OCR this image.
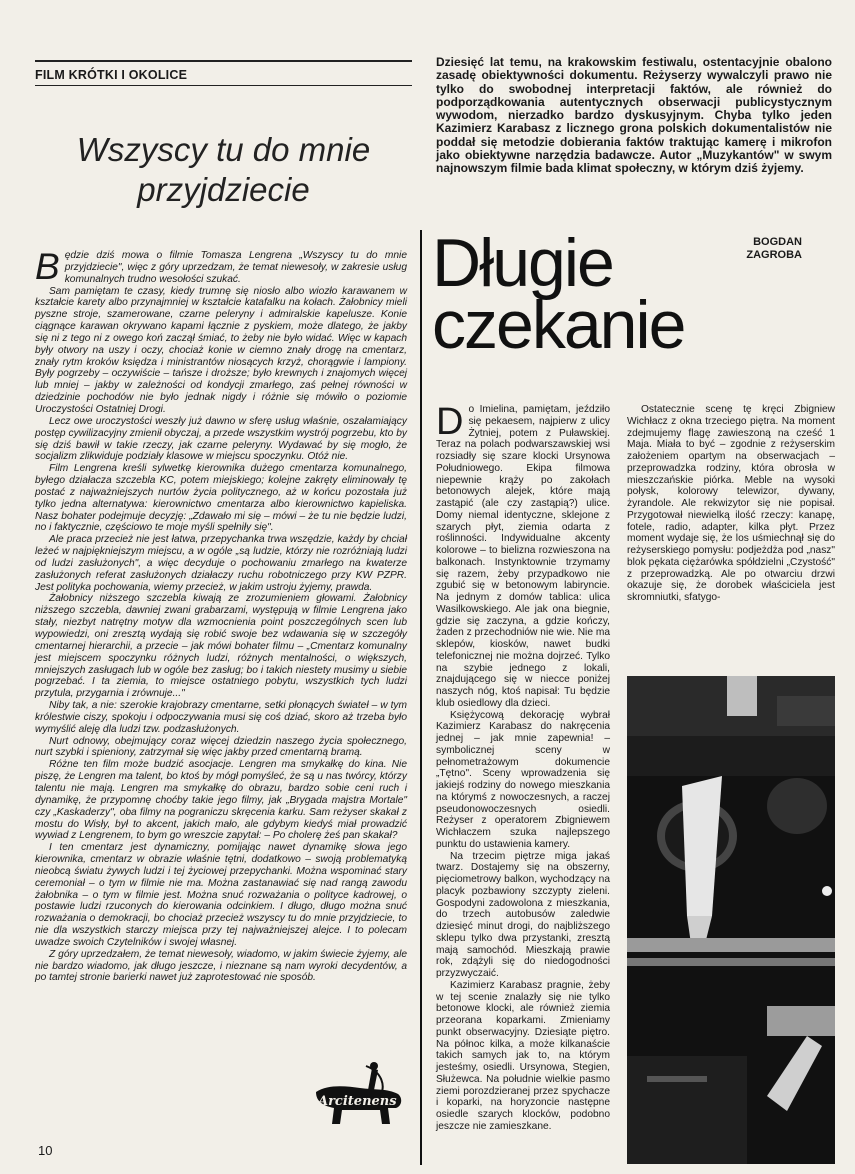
FILM KRÓTKI I OKOLICE
Wszyscy tu do mnie
przyjdziecie

Będzie dziś mowa o filmie Tomasza Lengrena „Wszyscy tu do mnie przyjdziecie", więc z góry uprzedzam, że temat niewesoły, w zakresie usług komunalnych trudno wesołości szukać.

Sam pamiętam te czasy, kiedy trumnę się niosło albo wiozło karawanem w kształcie karety albo przynajmniej w kształcie katafalku na kołach. Żałobnicy mieli pyszne stroje, szamerowane, czarne peleryny i admiralskie kapelusze. Konie ciągnące karawan okrywano kapami łącznie z pyskiem, może dlatego, że jakby się ni z tego ni z owego koń zaczął śmiać, to żeby nie było widać. Więc w kapach były otwory na uszy i oczy, chociaż konie w ciemno znały drogę na cmentarz, znały rytm kroków księdza i ministrantów niosących krzyż, chorągwie i lampiony. Były pogrzeby – oczywiście – tańsze i droższe; było krewnych i znajomych więcej lub mniej – jakby w zależności od kondycji zmarłego, zaś pełnej równości w dziedzinie pochodów nie było jednak nigdy i różnie się mówiło o poziomie Uroczystości Ostatniej Drogi.

Lecz owe uroczystości weszły już dawno w sferę usług właśnie, oszałamiający postęp cywilizacyjny zmienił obyczaj, a przede wszystkim wystrój pogrzebu, kto by się dziś bawił w takie rzeczy, jak czarne peleryny. Wydawać by się mogło, że socjalizm zlikwiduje podziały klasowe w miejscu spoczynku. Otóż nie.

Film Lengrena kreśli sylwetkę kierownika dużego cmentarza komunalnego, byłego działacza szczebla KC, potem miejskiego; kolejne zakręty eliminowały tę postać z najważniejszych nurtów życia politycznego, aż w końcu pozostała już tylko jedna alternatywa: kierownictwo cmentarza albo kierownictwo kapieliska. Nasz bohater podejmuje decyzję: „Zdawało mi się – mówi – że tu nie będzie ludzi, no i faktycznie, częściowo te moje myśli spełniły się".

Ale praca przecież nie jest łatwa, przepychanka trwa wszędzie, każdy by chciał leżeć w najpiękniejszym miejscu, a w ogóle „są ludzie, którzy nie rozróżniają ludzi od ludzi zasłużonych", a więc decyduje o pochowaniu zmarłego na kwaterze zasłużonych referat zasłużonych działaczy ruchu robotniczego przy KW PZPR. Jest polityka pochowania, wiemy przecież, w jakim ustroju żyjemy, prawda.

Żałobnicy niższego szczebla kiwają ze zrozumieniem głowami. Żałobnicy niższego szczebla, dawniej zwani grabarzami, występują w filmie Lengrena jako stały, niezbyt natrętny motyw dla wzmocnienia point poszczególnych scen lub wypowiedzi, oni zresztą wydają się robić swoje bez wdawania się w szczegóły cmentarnej hierarchii, a przecie – jak mówi bohater filmu – „Cmentarz komunalny jest miejscem spoczynku różnych ludzi, różnych mentalności, o większych, mniejszych zasługach lub w ogóle bez zasług; bo i takich niestety musimy u siebie pogrzebać. I ta ziemia, to miejsce ostatniego pobytu, wszystkich tych ludzi przytula, przygarnia i zrównuje..."

Niby tak, a nie: szerokie krajobrazy cmentarne, setki płonących świateł – w tym królestwie ciszy, spokoju i odpoczywania musi się coś dziać, skoro aż trzeba było wymyślić aleję dla ludzi tzw. podzasłużonych.

Nurt odnowy, obejmujący coraz więcej dziedzin naszego życia społecznego, nurt szybki i spieniony, zatrzymał się więc jakby przed cmentarną bramą.

Różne ten film może budzić asocjacje. Lengren ma smykałkę do kina. Nie piszę, że Lengren ma talent, bo ktoś by mógł pomyśleć, że są u nas twórcy, którzy talentu nie mają. Lengren ma smykałkę do obrazu, bardzo sobie ceni ruch i dynamikę, że przypomnę choćby takie jego filmy, jak „Brygada majstra Mortale" czy „Kaskaderzy", oba filmy na pograniczu skręcenia karku. Sam reżyser skakał z mostu do Wisły, był to akcent, jakich mało, ale gdybym kiedyś miał prowadzić wywiad z Lengrenem, to bym go wreszcie zapytał: – Po cholerę żeś pan skakał?

I ten cmentarz jest dynamiczny, pomijając nawet dynamikę słowa jego kierownika, cmentarz w obrazie właśnie tętni, dodatkowo – swoją problematyką nieobcą światu żywych ludzi i tej życiowej przepychanki. Można wspominać stary ceremoniał – o tym w filmie nie ma. Można zastanawiać się nad rangą zawodu żałobnika – o tym w filmie jest. Można snuć rozważania o polityce kadrowej, o postawie ludzi rzuconych do kierowania odcinkiem. I długo, długo można snuć rozważania o demokracji, bo chociaż przecież wszyscy tu do mnie przyjdziecie, to nie dla wszystkich starczy miejsca przy tej najważniejszej alejce. I to polecam uwadze swoich Czytelników i swojej własnej.

Z góry uprzedzałem, że temat niewesoły, wiadomo, w jakim świecie żyjemy, ale nie bardzo wiadomo, jak długo jeszcze, i nieznane są nam wyroki decydentów, a po tamtej stronie barierki nawet już zaprotestować nie sposób.

Dziesięć lat temu, na krakowskim festiwalu, ostentacyjnie obalono zasadę obiektywności dokumentu. Reżyserzy wywalczyli prawo nie tylko do swobodnej interpretacji faktów, ale również do podporządkowania autentycznych obserwacji publicystycznym wywodom, nierzadko bardzo dyskusyjnym. Chyba tylko jeden Kazimierz Karabasz z licznego grona polskich dokumentalistów nie poddał się metodzie dobierania faktów traktując kamerę i mikrofon jako obiektywne narzędzia badawcze. Autor „Muzykantów" w swym najnowszym filmie bada klimat społeczny, w którym dziś żyjemy.
BOGDAN
ZAGROBA
Długie
czekanie

Do Imielina, pamiętam, jeździło się pekaesem, najpierw z ulicy Żytniej, potem z Puławskiej. Teraz na polach podwarszawskiej wsi rozsiadły się szare klocki Ursynowa Południowego. Ekipa filmowa niepewnie krąży po zakołach betonowych alejek, które mają zastąpić (ale czy zastąpią?) ulice. Domy niemal identyczne, sklejone z szarych płyt, ziemia odarta z roślinności. Indywidualne akcenty kolorowe – to bielizna rozwieszona na balkonach. Instynktownie trzymamy się razem, żeby przypadkowo nie zgubić się w betonowym labiryncie. Na jednym z domów tablica: ulica Wasilkowskiego. Ale jak ona biegnie, gdzie się zaczyna, a gdzie kończy, żaden z przechodniów nie wie. Nie ma sklepów, kiosków, nawet budki telefonicznej nie można dojrzeć. Tylko na szybie jednego z lokali, znajdującego się w niecce poniżej naszych nóg, ktoś napisał: Tu będzie klub osiedlowy dla dzieci.

Księżycową dekorację wybrał Kazimierz Karabasz do nakręcenia jednej – jak mnie zapewnia! – symbolicznej sceny w pełnometrażowym dokumencie „Tętno". Sceny wprowadzenia się jakiejś rodziny do nowego mieszkania na którymś z nowoczesnych, a raczej pseudonowoczesnych osiedli. Reżyser z operatorem Zbigniewem Wichłaczem szuka najlepszego punktu do ustawienia kamery.

Na trzecim piętrze miga jakaś twarz. Dostajemy się na obszerny, pięciometrowy balkon, wychodzący na placyk pozbawiony szczypty zieleni. Gospodyni zadowolona z mieszkania, do trzech autobusów zaledwie dziesięć minut drogi, do najbliższego sklepu tylko dwa przystanki, zresztą mają samochód. Mieszkają prawie rok, zdążyli się do niedogodności przyzwyczaić.

Kazimierz Karabasz pragnie, żeby w tej scenie znalazły się nie tylko betonowe klocki, ale również ziemia przeorana koparkami. Zmieniamy punkt obserwacyjny. Dziesiąte piętro. Na północ kilka, a może kilkanaście takich samych jak to, na którym jesteśmy, osiedli. Ursynowa, Stegien, Służewca. Na południe wielkie pasmo ziemi porozdzieranej przez spychacze i koparki, na horyzoncie następne osiedle szarych klocków, podobno jeszcze nie zamieszkane.

Ostatecznie scenę tę kręci Zbigniew Wichłacz z okna trzeciego piętra. Na moment zdejmujemy flagę zawieszoną na cześć 1 Maja. Miała to być – zgodnie z reżyserskim założeniem opartym na obserwacjach – przeprowadzka rodziny, która obrosła w mieszczańskie piórka. Meble na wysoki połysk, kolorowy telewizor, dywany, żyrandole. Ale rekwizytor się nie popisał. Przygotował niewielką ilość rzeczy: kanapę, fotele, radio, adapter, kilka płyt. Przez moment wydaje się, że los uśmiechnął się do reżyserskiego pomysłu: podjeżdża pod „nasz" blok pękata ciężarówka spółdzielni „Czystość" z przeprowadzką. Ale po otwarciu drzwi okazuje się, że dorobek właściciela jest skromniutki, sfatygo-

Arcitenens
10
